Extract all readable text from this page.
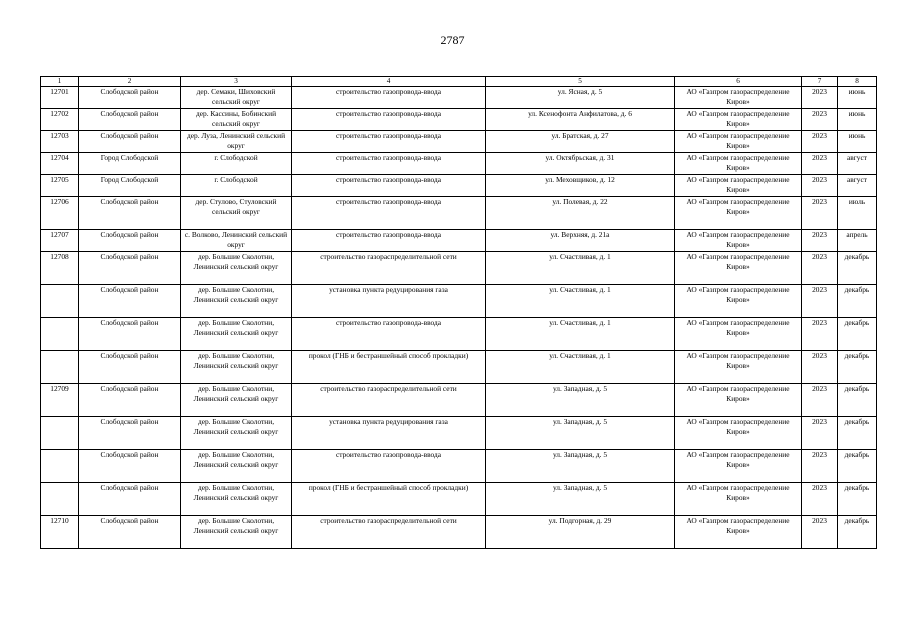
2787
1	2	3	4	5	6	7	8
12701	Слободской район	дер. Семаки, Шиховский сельский округ	строительство газопровода-ввода	ул. Ясная, д. 5	АО «Газпром газораспределение Киров»	2023	июнь
12702	Слободской район	дер. Кассины, Бобинский сельский округ	строительство газопровода-ввода	ул. Ксенофонта Анфилатова, д. 6	АО «Газпром газораспределение Киров»	2023	июнь
12703	Слободской район	дер. Луза, Ленинский сельский округ	строительство газопровода-ввода	ул. Братская, д. 27	АО «Газпром газораспределение Киров»	2023	июнь
12704	Город Слободской	г. Слободской	строительство газопровода-ввода	ул. Октябрьская, д. 31	АО «Газпром газораспределение Киров»	2023	август
12705	Город Слободской	г. Слободской	строительство газопровода-ввода	ул. Меховщиков, д. 12	АО «Газпром газораспределение Киров»	2023	август
12706	Слободской район	дер. Стулово, Стуловский сельский округ	строительство газопровода-ввода	ул. Полевая, д. 22	АО «Газпром газораспределение Киров»	2023	июль
12707	Слободской район	с. Волково, Ленинский сельский округ	строительство газопровода-ввода	ул. Верхняя, д. 21а	АО «Газпром газораспределение Киров»	2023	апрель
12708	Слободской район	дер. Большие Сколотни, Ленинский сельский округ	строительство газораспределительной сети	ул. Счастливая, д. 1	АО «Газпром газораспределение Киров»	2023	декабрь
	Слободской район	дер. Большие Сколотни, Ленинский сельский округ	установка пункта редуцирования газа	ул. Счастливая, д. 1	АО «Газпром газораспределение Киров»	2023	декабрь
	Слободской район	дер. Большие Сколотни, Ленинский сельский округ	строительство газопровода-ввода	ул. Счастливая, д. 1	АО «Газпром газораспределение Киров»	2023	декабрь
	Слободской район	дер. Большие Сколотни, Ленинский сельский округ	прокол (ГНБ и бестраншейный способ прокладки)	ул. Счастливая, д. 1	АО «Газпром газораспределение Киров»	2023	декабрь
12709	Слободской район	дер. Большие Сколотни, Ленинский сельский округ	строительство газораспределительной сети	ул. Западная, д. 5	АО «Газпром газораспределение Киров»	2023	декабрь
	Слободской район	дер. Большие Сколотни, Ленинский сельский округ	установка пункта редуцирования газа	ул. Западная, д. 5	АО «Газпром газораспределение Киров»	2023	декабрь
	Слободской район	дер. Большие Сколотни, Ленинский сельский округ	строительство газопровода-ввода	ул. Западная, д. 5	АО «Газпром газораспределение Киров»	2023	декабрь
	Слободской район	дер. Большие Сколотни, Ленинский сельский округ	прокол (ГНБ и бестраншейный способ прокладки)	ул. Западная, д. 5	АО «Газпром газораспределение Киров»	2023	декабрь
12710	Слободской район	дер. Большие Сколотни, Ленинский сельский округ	строительство газораспределительной сети	ул. Подгорная, д. 29	АО «Газпром газораспределение Киров»	2023	декабрь
